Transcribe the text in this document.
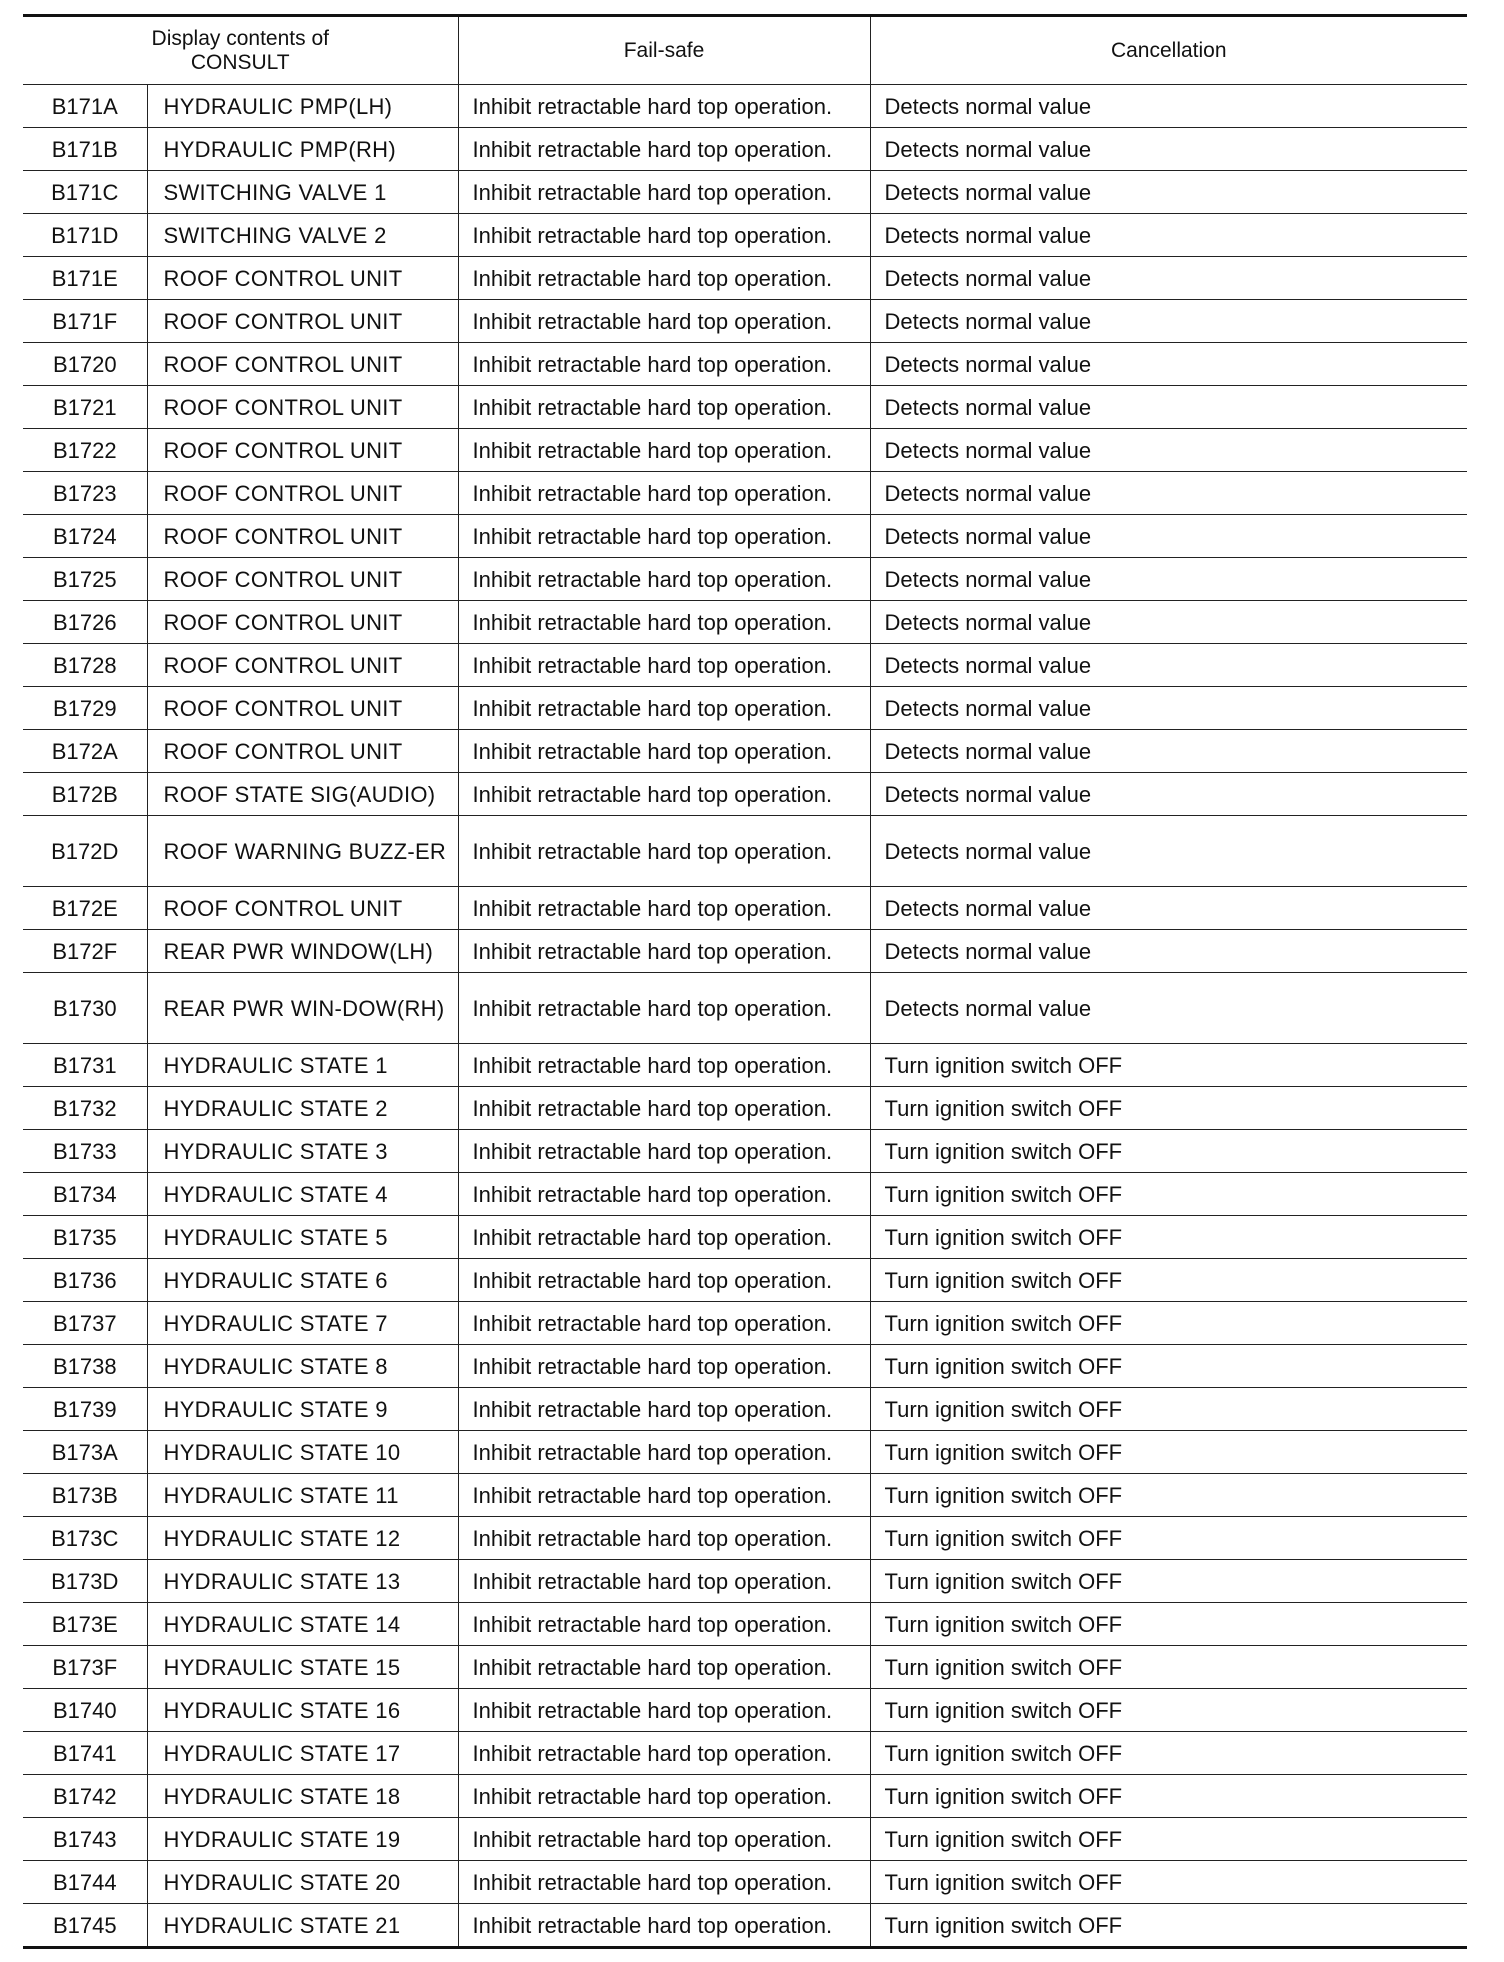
Display contents of CONSULT		Fail-safe	Cancellation
B171A	HYDRAULIC PMP(LH)	Inhibit retractable hard top operation.	Detects normal value
B171B	HYDRAULIC PMP(RH)	Inhibit retractable hard top operation.	Detects normal value
B171C	SWITCHING VALVE 1	Inhibit retractable hard top operation.	Detects normal value
B171D	SWITCHING VALVE 2	Inhibit retractable hard top operation.	Detects normal value
B171E	ROOF CONTROL UNIT	Inhibit retractable hard top operation.	Detects normal value
B171F	ROOF CONTROL UNIT	Inhibit retractable hard top operation.	Detects normal value
B1720	ROOF CONTROL UNIT	Inhibit retractable hard top operation.	Detects normal value
B1721	ROOF CONTROL UNIT	Inhibit retractable hard top operation.	Detects normal value
B1722	ROOF CONTROL UNIT	Inhibit retractable hard top operation.	Detects normal value
B1723	ROOF CONTROL UNIT	Inhibit retractable hard top operation.	Detects normal value
B1724	ROOF CONTROL UNIT	Inhibit retractable hard top operation.	Detects normal value
B1725	ROOF CONTROL UNIT	Inhibit retractable hard top operation.	Detects normal value
B1726	ROOF CONTROL UNIT	Inhibit retractable hard top operation.	Detects normal value
B1728	ROOF CONTROL UNIT	Inhibit retractable hard top operation.	Detects normal value
B1729	ROOF CONTROL UNIT	Inhibit retractable hard top operation.	Detects normal value
B172A	ROOF CONTROL UNIT	Inhibit retractable hard top operation.	Detects normal value
B172B	ROOF STATE SIG(AUDIO)	Inhibit retractable hard top operation.	Detects normal value
B172D	ROOF WARNING BUZZ-ER	Inhibit retractable hard top operation.	Detects normal value
B172E	ROOF CONTROL UNIT	Inhibit retractable hard top operation.	Detects normal value
B172F	REAR PWR WINDOW(LH)	Inhibit retractable hard top operation.	Detects normal value
B1730	REAR PWR WIN-DOW(RH)	Inhibit retractable hard top operation.	Detects normal value
B1731	HYDRAULIC STATE 1	Inhibit retractable hard top operation.	Turn ignition switch OFF
B1732	HYDRAULIC STATE 2	Inhibit retractable hard top operation.	Turn ignition switch OFF
B1733	HYDRAULIC STATE 3	Inhibit retractable hard top operation.	Turn ignition switch OFF
B1734	HYDRAULIC STATE 4	Inhibit retractable hard top operation.	Turn ignition switch OFF
B1735	HYDRAULIC STATE 5	Inhibit retractable hard top operation.	Turn ignition switch OFF
B1736	HYDRAULIC STATE 6	Inhibit retractable hard top operation.	Turn ignition switch OFF
B1737	HYDRAULIC STATE 7	Inhibit retractable hard top operation.	Turn ignition switch OFF
B1738	HYDRAULIC STATE 8	Inhibit retractable hard top operation.	Turn ignition switch OFF
B1739	HYDRAULIC STATE 9	Inhibit retractable hard top operation.	Turn ignition switch OFF
B173A	HYDRAULIC STATE 10	Inhibit retractable hard top operation.	Turn ignition switch OFF
B173B	HYDRAULIC STATE 11	Inhibit retractable hard top operation.	Turn ignition switch OFF
B173C	HYDRAULIC STATE 12	Inhibit retractable hard top operation.	Turn ignition switch OFF
B173D	HYDRAULIC STATE 13	Inhibit retractable hard top operation.	Turn ignition switch OFF
B173E	HYDRAULIC STATE 14	Inhibit retractable hard top operation.	Turn ignition switch OFF
B173F	HYDRAULIC STATE 15	Inhibit retractable hard top operation.	Turn ignition switch OFF
B1740	HYDRAULIC STATE 16	Inhibit retractable hard top operation.	Turn ignition switch OFF
B1741	HYDRAULIC STATE 17	Inhibit retractable hard top operation.	Turn ignition switch OFF
B1742	HYDRAULIC STATE 18	Inhibit retractable hard top operation.	Turn ignition switch OFF
B1743	HYDRAULIC STATE 19	Inhibit retractable hard top operation.	Turn ignition switch OFF
B1744	HYDRAULIC STATE 20	Inhibit retractable hard top operation.	Turn ignition switch OFF
B1745	HYDRAULIC STATE 21	Inhibit retractable hard top operation.	Turn ignition switch OFF
